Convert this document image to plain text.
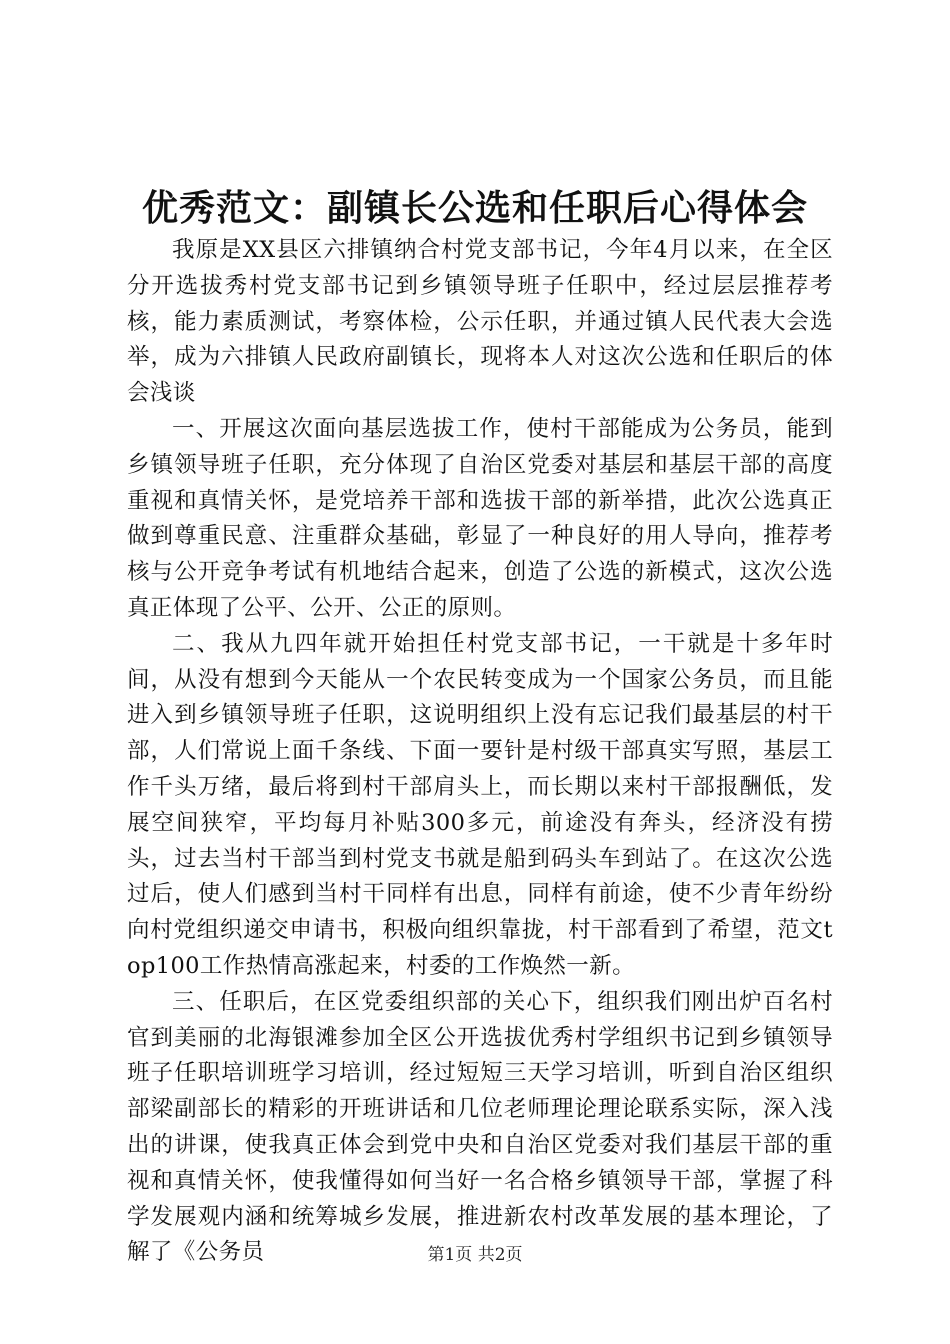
优秀范文：副镇长公选和任职后心得体会

我原是XX县区六排镇纳合村党支部书记，今年4月以来，在全区分开选拔秀村党支部书记到乡镇领导班子任职中，经过层层推荐考核，能力素质测试，考察体检，公示任职，并通过镇人民代表大会选举，成为六排镇人民政府副镇长，现将本人对这次公选和任职后的体会浅谈

一、开展这次面向基层选拔工作，使村干部能成为公务员，能到乡镇领导班子任职，充分体现了自治区党委对基层和基层干部的高度重视和真情关怀，是党培养干部和选拔干部的新举措，此次公选真正做到尊重民意、注重群众基础，彰显了一种良好的用人导向，推荐考核与公开竞争考试有机地结合起来，创造了公选的新模式，这次公选真正体现了公平、公开、公正的原则。

二、我从九四年就开始担任村党支部书记，一干就是十多年时间，从没有想到今天能从一个农民转变成为一个国家公务员，而且能进入到乡镇领导班子任职，这说明组织上没有忘记我们最基层的村干部，人们常说上面千条线、下面一要针是村级干部真实写照，基层工作千头万绪，最后将到村干部肩头上，而长期以来村干部报酬低，发展空间狭窄，平均每月补贴300多元，前途没有奔头，经济没有捞头，过去当村干部当到村党支书就是船到码头车到站了。在这次公选过后，使人们感到当村干同样有出息，同样有前途，使不少青年纷纷向村党组织递交申请书，积极向组织靠拢，村干部看到了希望，范文top100工作热情高涨起来，村委的工作焕然一新。

三、任职后，在区党委组织部的关心下，组织我们刚出炉百名村官到美丽的北海银滩参加全区公开选拔优秀村学组织书记到乡镇领导班子任职培训班学习培训，经过短短三天学习培训，听到自治区组织部梁副部长的精彩的开班讲话和几位老师理论理论联系实际，深入浅出的讲课，使我真正体会到党中央和自治区党委对我们基层干部的重视和真情关怀，使我懂得如何当好一名合格乡镇领导干部，掌握了科学发展观内涵和统筹城乡发展，推进新农村改革发展的基本理论，了解了《公务员	第1页 共2页
